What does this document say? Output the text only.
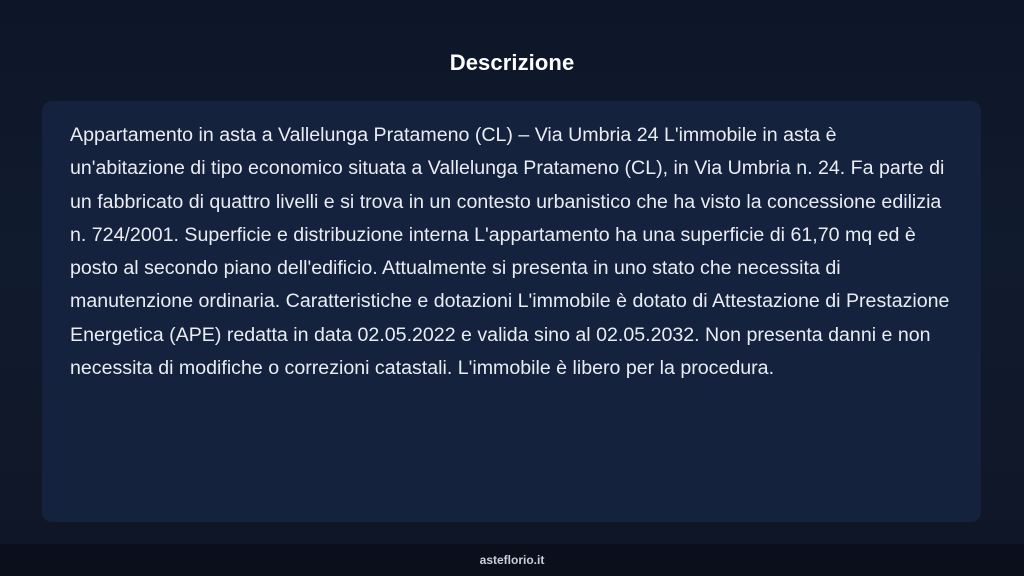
Descrizione

Appartamento in asta a Vallelunga Pratameno (CL) – Via Umbria 24 L'immobile in asta è un'abitazione di tipo economico situata a Vallelunga Pratameno (CL), in Via Umbria n. 24. Fa parte di un fabbricato di quattro livelli e si trova in un contesto urbanistico che ha visto la concessione edilizia n. 724/2001. Superficie e distribuzione interna L'appartamento ha una superficie di 61,70 mq ed è posto al secondo piano dell'edificio. Attualmente si presenta in uno stato che necessita di manutenzione ordinaria. Caratteristiche e dotazioni L'immobile è dotato di Attestazione di Prestazione Energetica (APE) redatta in data 02.05.2022 e valida sino al 02.05.2032. Non presenta danni e non necessita di modifiche o correzioni catastali. L'immobile è libero per la procedura.

asteflorio.it
